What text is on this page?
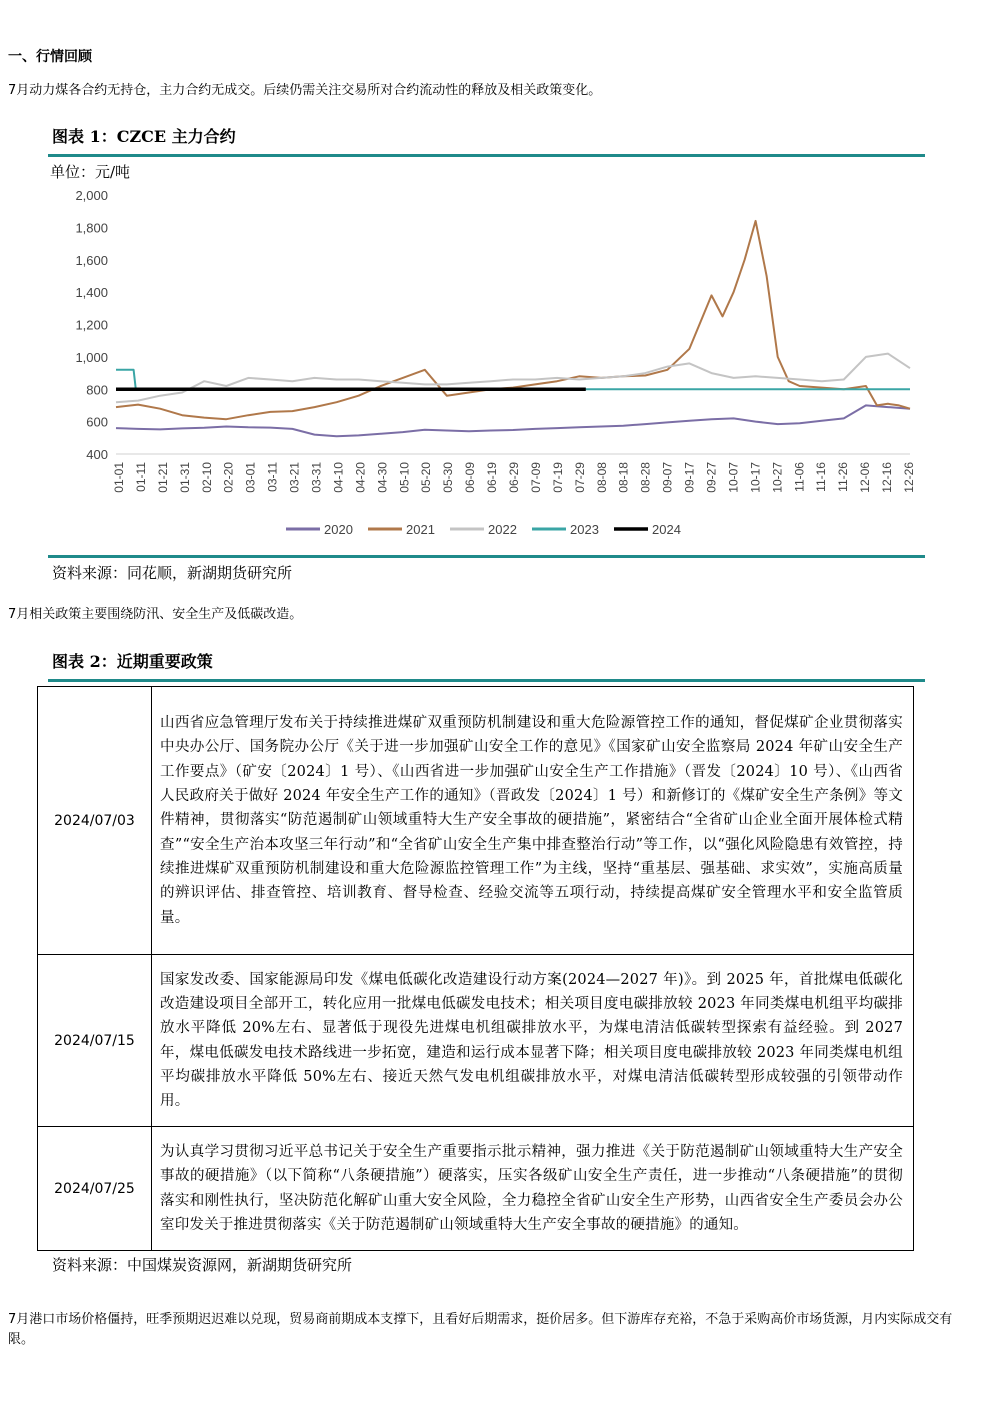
一、行情回顾
7月动力煤各合约无持仓，主力合约无成交。后续仍需关注交易所对合约流动性的释放及相关政策变化。
图表 1：CZCE 主力合约
单位：元/吨
400
600
800
1,000
1,200
1,400
1,600
1,800
2,000
01-01 01-11 01-21 01-31 02-10 02-20 03-01 03-11 03-21 03-31 04-10 04-20 04-30 05-10 05-20 05-30 06-09 06-19 06-29 07-09 07-19 07-29 08-08 08-18 08-28 09-07 09-17 09-27 10-07 10-17 10-27 11-06 11-16 11-26 12-06 12-16 12-26
2020	2021	2022	2023	2024
资料来源：同花顺，新湖期货研究所
7月相关政策主要围绕防汛、安全生产及低碳改造。
图表 2：近期重要政策
2024/07/03	山西省应急管理厅发布关于持续推进煤矿双重预防机制建设和重大危险源管控工作的通知，督促煤矿企业贯彻落实中央办公厅、国务院办公厅《关于进一步加强矿山安全工作的意见》《国家矿山安全监察局 2024 年矿山安全生产工作要点》（矿安〔2024〕1 号）、《山西省进一步加强矿山安全生产工作措施》（晋发〔2024〕10 号）、《山西省人民政府关于做好 2024 年安全生产工作的通知》（晋政发〔2024〕1 号）和新修订的《煤矿安全生产条例》等文件精神，贯彻落实“防范遏制矿山领域重特大生产安全事故的硬措施”，紧密结合“全省矿山企业全面开展体检式精查”“安全生产治本攻坚三年行动”和“全省矿山安全生产集中排查整治行动”等工作，以“强化风险隐患有效管控，持续推进煤矿双重预防机制建设和重大危险源监控管理工作”为主线，坚持“重基层、强基础、求实效”，实施高质量的辨识评估、排查管控、培训教育、督导检查、经验交流等五项行动，持续提高煤矿安全管理水平和安全监管质量。
2024/07/15	国家发改委、国家能源局印发《煤电低碳化改造建设行动方案(2024—2027 年)》。到 2025 年，首批煤电低碳化改造建设项目全部开工，转化应用一批煤电低碳发电技术；相关项目度电碳排放较 2023 年同类煤电机组平均碳排放水平降低 20%左右、显著低于现役先进煤电机组碳排放水平，为煤电清洁低碳转型探索有益经验。到 2027 年，煤电低碳发电技术路线进一步拓宽，建造和运行成本显著下降；相关项目度电碳排放较 2023 年同类煤电机组平均碳排放水平降低 50%左右、接近天然气发电机组碳排放水平，对煤电清洁低碳转型形成较强的引领带动作用。
2024/07/25	为认真学习贯彻习近平总书记关于安全生产重要指示批示精神，强力推进《关于防范遏制矿山领域重特大生产安全事故的硬措施》（以下简称“八条硬措施”）硬落实，压实各级矿山安全生产责任，进一步推动“八条硬措施”的贯彻落实和刚性执行，坚决防范化解矿山重大安全风险，全力稳控全省矿山安全生产形势，山西省安全生产委员会办公室印发关于推进贯彻落实《关于防范遏制矿山领域重特大生产安全事故的硬措施》的通知。
资料来源：中国煤炭资源网，新湖期货研究所
7月港口市场价格僵持，旺季预期迟迟难以兑现，贸易商前期成本支撑下，且看好后期需求，挺价居多。但下游库存充裕，不急于采购高价市场货源，月内实际成交有限。
